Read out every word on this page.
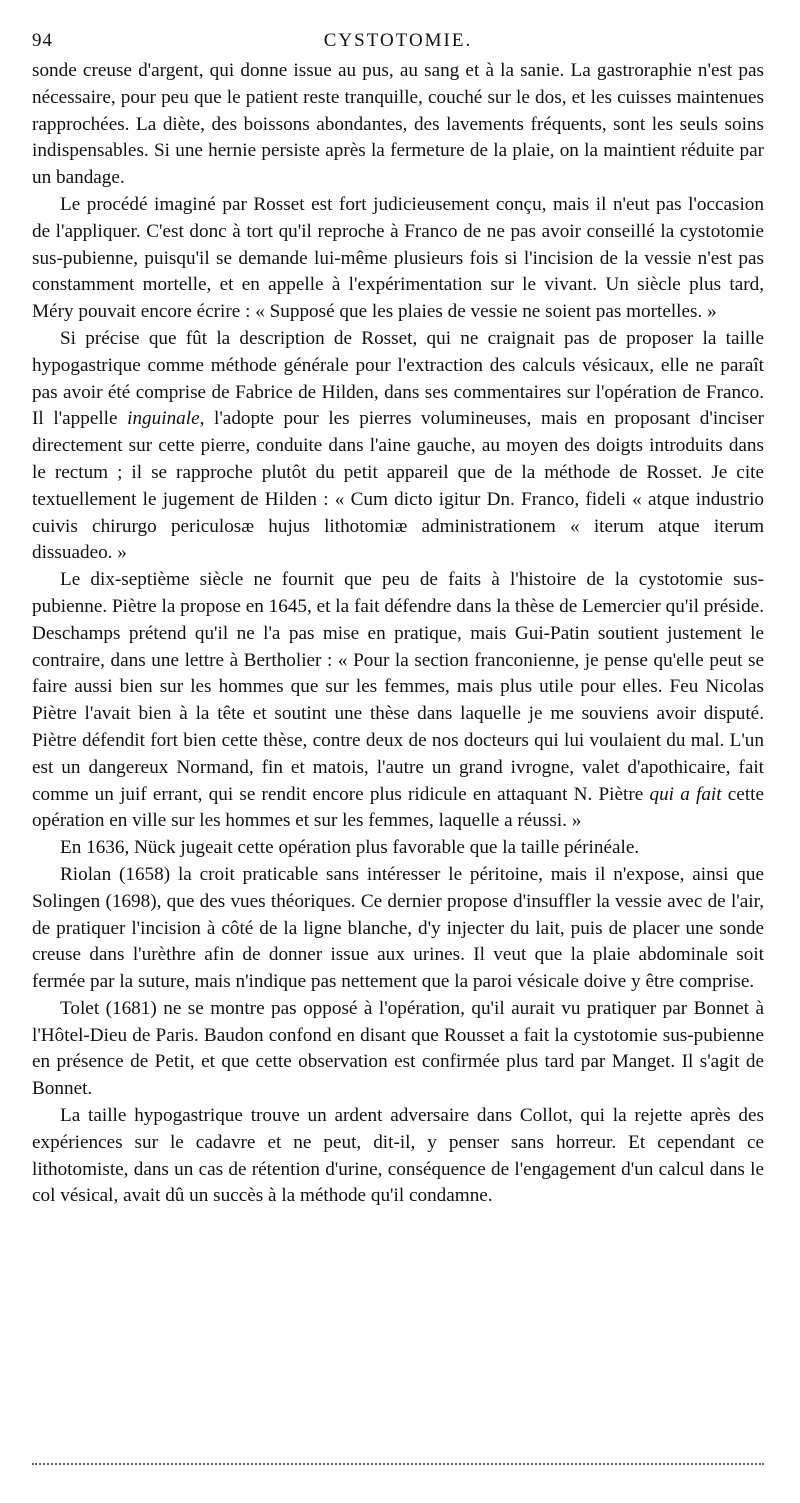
94	CYSTOTOMIE.

sonde creuse d'argent, qui donne issue au pus, au sang et à la sanie. La gastroraphie n'est pas nécessaire, pour peu que le patient reste tranquille, couché sur le dos, et les cuisses maintenues rapprochées. La diète, des boissons abondantes, des lavements fréquents, sont les seuls soins indispensables. Si une hernie persiste après la fermeture de la plaie, on la maintient réduite par un bandage.

Le procédé imaginé par Rosset est fort judicieusement conçu, mais il n'eut pas l'occasion de l'appliquer. C'est donc à tort qu'il reproche à Franco de ne pas avoir conseillé la cystotomie sus-pubienne, puisqu'il se demande lui-même plusieurs fois si l'incision de la vessie n'est pas constamment mortelle, et en appelle à l'expérimentation sur le vivant. Un siècle plus tard, Méry pouvait encore écrire : « Supposé que les plaies de vessie ne soient pas mortelles. »

Si précise que fût la description de Rosset, qui ne craignait pas de proposer la taille hypogastrique comme méthode générale pour l'extraction des calculs vésicaux, elle ne paraît pas avoir été comprise de Fabrice de Hilden, dans ses commentaires sur l'opération de Franco. Il l'appelle inguinale, l'adopte pour les pierres volumineuses, mais en proposant d'inciser directement sur cette pierre, conduite dans l'aine gauche, au moyen des doigts introduits dans le rectum ; il se rapproche plutôt du petit appareil que de la méthode de Rosset. Je cite textuellement le jugement de Hilden : « Cum dicto igitur Dn. Franco, fideli « atque industrio cuivis chirurgo periculosæ hujus lithotomiæ administrationem « iterum atque iterum dissuadeo. »

Le dix-septième siècle ne fournit que peu de faits à l'histoire de la cystotomie sus-pubienne. Piètre la propose en 1645, et la fait défendre dans la thèse de Lemercier qu'il préside. Deschamps prétend qu'il ne l'a pas mise en pratique, mais Gui-Patin soutient justement le contraire, dans une lettre à Bertholier : « Pour la section franconienne, je pense qu'elle peut se faire aussi bien sur les hommes que sur les femmes, mais plus utile pour elles. Feu Nicolas Piètre l'avait bien à la tête et soutint une thèse dans laquelle je me souviens avoir disputé. Piètre défendit fort bien cette thèse, contre deux de nos docteurs qui lui voulaient du mal. L'un est un dangereux Normand, fin et matois, l'autre un grand ivrogne, valet d'apothicaire, fait comme un juif errant, qui se rendit encore plus ridicule en attaquant N. Piètre qui a fait cette opération en ville sur les hommes et sur les femmes, laquelle a réussi. »

En 1636, Nück jugeait cette opération plus favorable que la taille périnéale.

Riolan (1658) la croit praticable sans intéresser le péritoine, mais il n'expose, ainsi que Solingen (1698), que des vues théoriques. Ce dernier propose d'insuffler la vessie avec de l'air, de pratiquer l'incision à côté de la ligne blanche, d'y injecter du lait, puis de placer une sonde creuse dans l'urèthre afin de donner issue aux urines. Il veut que la plaie abdominale soit fermée par la suture, mais n'indique pas nettement que la paroi vésicale doive y être comprise.

Tolet (1681) ne se montre pas opposé à l'opération, qu'il aurait vu pratiquer par Bonnet à l'Hôtel-Dieu de Paris. Baudon confond en disant que Rousset a fait la cystotomie sus-pubienne en présence de Petit, et que cette observation est confirmée plus tard par Manget. Il s'agit de Bonnet.

La taille hypogastrique trouve un ardent adversaire dans Collot, qui la rejette après des expériences sur le cadavre et ne peut, dit-il, y penser sans horreur. Et cependant ce lithotomiste, dans un cas de rétention d'urine, conséquence de l'engagement d'un calcul dans le col vésical, avait dû un succès à la méthode qu'il condamne.
